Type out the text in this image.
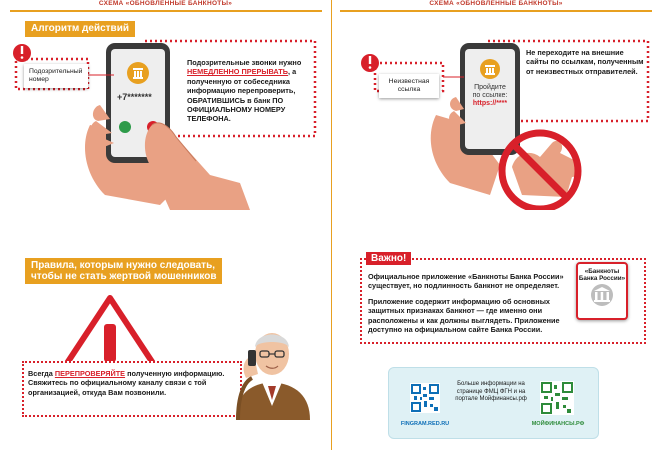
СХЕМА «ОБНОВЛЕННЫЕ БАНКНОТЫ»	СХЕМА «ОБНОВЛЕННЫЕ БАНКНОТЫ»
Алгоритм действий
Подозрительный номер
+7*******
Подозрительные звонки нужно НЕМЕДЛЕННО ПРЕРЫВАТЬ, а полученную от собеседника информацию перепроверить, ОБРАТИВШИСЬ в банк ПО ОФИЦИАЛЬНОМУ НОМЕРУ ТЕЛЕФОНА.
Неизвестная ссылка	Пройдите
по ссылке:
https://****
Не переходите на внешние сайты по ссылкам, полученным от неизвестных отправителей.
Правила, которым нужно следовать,
чтобы не стать жертвой мошенников
Всегда ПЕРЕПРОВЕРЯЙТЕ полученную информацию. Свяжитесь по официальному каналу связи с той организацией, откуда Вам позвонили.
Важно!
Официальное приложение «Банкноты Банка России» существует, но подлинность банкнот не определяет.
Приложение содержит информацию об основных защитных признаках банкнот — где именно они расположены и как должны выглядеть. Приложение доступно на официальном сайте Банка России.
«Банкноты Банка России»
FINGRAM.RED.RU
Больше информации на странице ФМЦ ФГН и на портале Мойфинансы.рф
МОЙФИНАНСЫ.РФ
